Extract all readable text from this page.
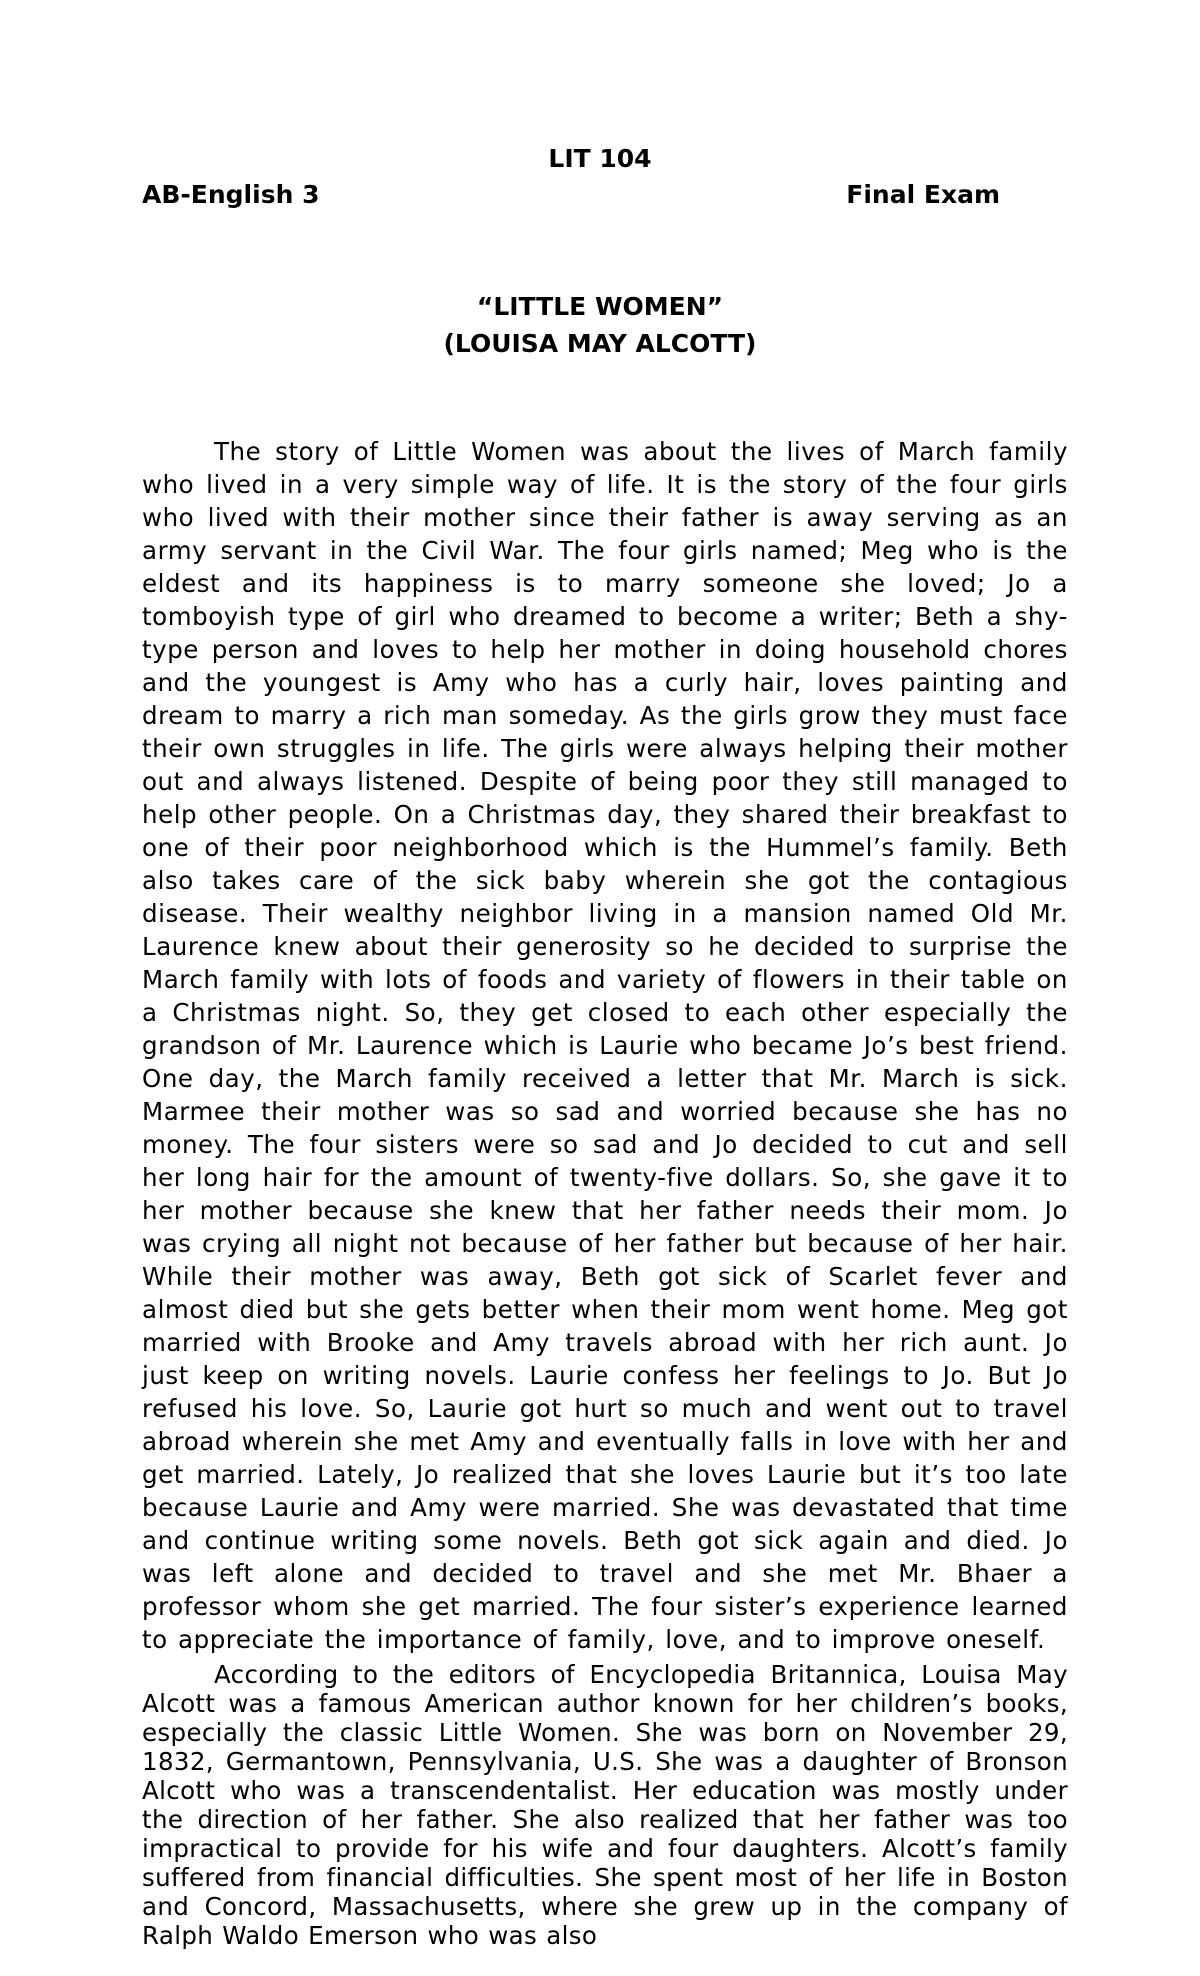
LIT 104
AB-English 3	Final Exam
“LITTLE WOMEN”
(LOUISA MAY ALCOTT)

The story of Little Women was about the lives of March family who lived in a very simple way of life. It is the story of the four girls who lived with their mother since their father is away serving as an army servant in the Civil War. The four girls named; Meg who is the eldest and its happiness is to marry someone she loved; Jo a tomboyish type of girl who dreamed to become a writer; Beth a shy-type person and loves to help her mother in doing household chores and the youngest is Amy who has a curly hair, loves painting and dream to marry a rich man someday. As the girls grow they must face their own struggles in life. The girls were always helping their mother out and always listened. Despite of being poor they still managed to help other people. On a Christmas day, they shared their breakfast to one of their poor neighborhood which is the Hummel’s family. Beth also takes care of the sick baby wherein she got the contagious disease. Their wealthy neighbor living in a mansion named Old Mr. Laurence knew about their generosity so he decided to surprise the March family with lots of foods and variety of flowers in their table on a Christmas night. So, they get closed to each other especially the grandson of Mr. Laurence which is Laurie who became Jo’s best friend. One day, the March family received a letter that Mr. March is sick. Marmee their mother was so sad and worried because she has no money. The four sisters were so sad and Jo decided to cut and sell her long hair for the amount of twenty-five dollars. So, she gave it to her mother because she knew that her father needs their mom. Jo was crying all night not because of her father but because of her hair. While their mother was away, Beth got sick of Scarlet fever and almost died but she gets better when their mom went home. Meg got married with Brooke and Amy travels abroad with her rich aunt. Jo just keep on writing novels. Laurie confess her feelings to Jo. But Jo refused his love. So, Laurie got hurt so much and went out to travel abroad wherein she met Amy and eventually falls in love with her and get married. Lately, Jo realized that she loves Laurie but it’s too late because Laurie and Amy were married. She was devastated that time and continue writing some novels. Beth got sick again and died. Jo was left alone and decided to travel and she met Mr. Bhaer a professor whom she get married. The four sister’s experience learned to appreciate the importance of family, love, and to improve oneself.

According to the editors of Encyclopedia Britannica, Louisa May Alcott was a famous American author known for her children’s books, especially the classic Little Women. She was born on November 29, 1832, Germantown, Pennsylvania, U.S. She was a daughter of Bronson Alcott who was a transcendentalist. Her education was mostly under the direction of her father. She also realized that her father was too impractical to provide for his wife and four daughters. Alcott’s family suffered from financial difficulties. She spent most of her life in Boston and Concord, Massachusetts, where she grew up in the company of Ralph Waldo Emerson who was also
